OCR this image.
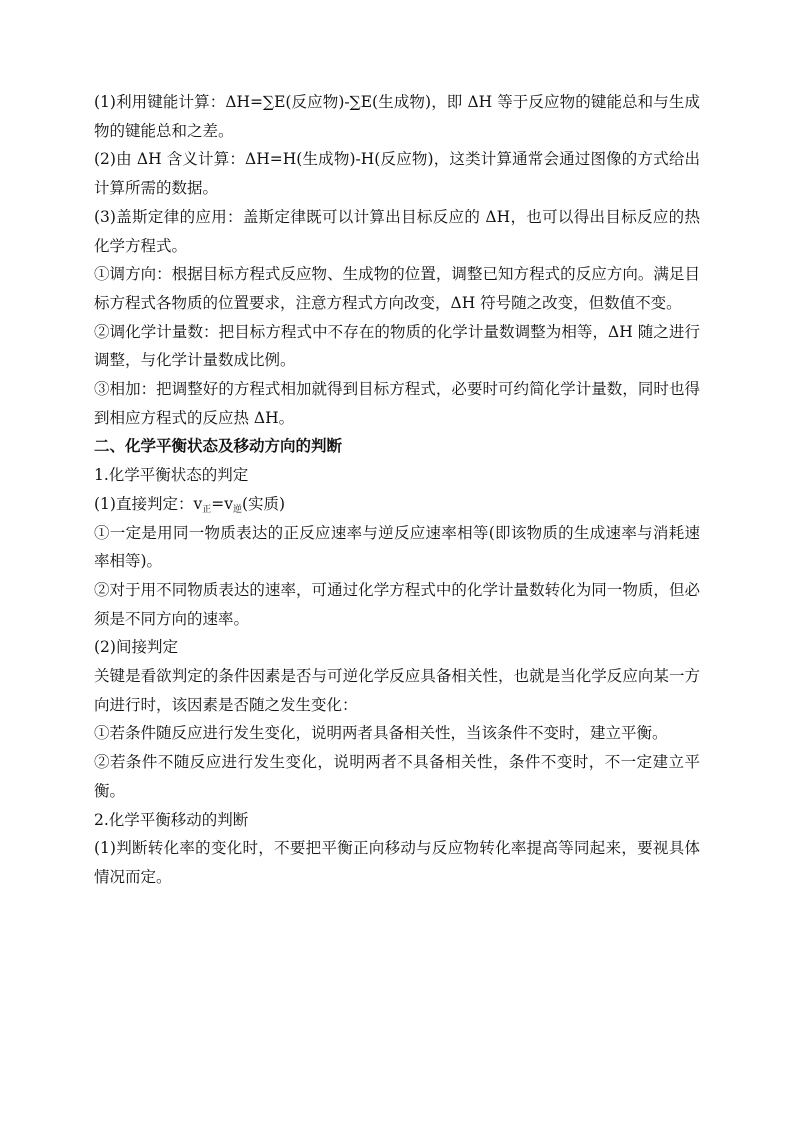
(1)利用键能计算：ΔH=∑E(反应物)-∑E(生成物)，即 ΔH 等于反应物的键能总和与生成物的键能总和之差。

(2)由 ΔH 含义计算：ΔH=H(生成物)-H(反应物)，这类计算通常会通过图像的方式给出计算所需的数据。

(3)盖斯定律的应用：盖斯定律既可以计算出目标反应的 ΔH，也可以得出目标反应的热化学方程式。

①调方向：根据目标方程式反应物、生成物的位置，调整已知方程式的反应方向。满足目标方程式各物质的位置要求，注意方程式方向改变，ΔH 符号随之改变，但数值不变。

②调化学计量数：把目标方程式中不存在的物质的化学计量数调整为相等，ΔH 随之进行调整，与化学计量数成比例。

③相加：把调整好的方程式相加就得到目标方程式，必要时可约简化学计量数，同时也得到相应方程式的反应热 ΔH。

二、化学平衡状态及移动方向的判断

1.化学平衡状态的判定

(1)直接判定：$v_正=v_逆$(实质)

①一定是用同一物质表达的正反应速率与逆反应速率相等(即该物质的生成速率与消耗速率相等)。

②对于用不同物质表达的速率，可通过化学方程式中的化学计量数转化为同一物质，但必须是不同方向的速率。

(2)间接判定

关键是看欲判定的条件因素是否与可逆化学反应具备相关性，也就是当化学反应向某一方向进行时，该因素是否随之发生变化：

①若条件随反应进行发生变化，说明两者具备相关性，当该条件不变时，建立平衡。

②若条件不随反应进行发生变化，说明两者不具备相关性，条件不变时，不一定建立平衡。

2.化学平衡移动的判断

(1)判断转化率的变化时，不要把平衡正向移动与反应物转化率提高等同起来，要视具体情况而定。
